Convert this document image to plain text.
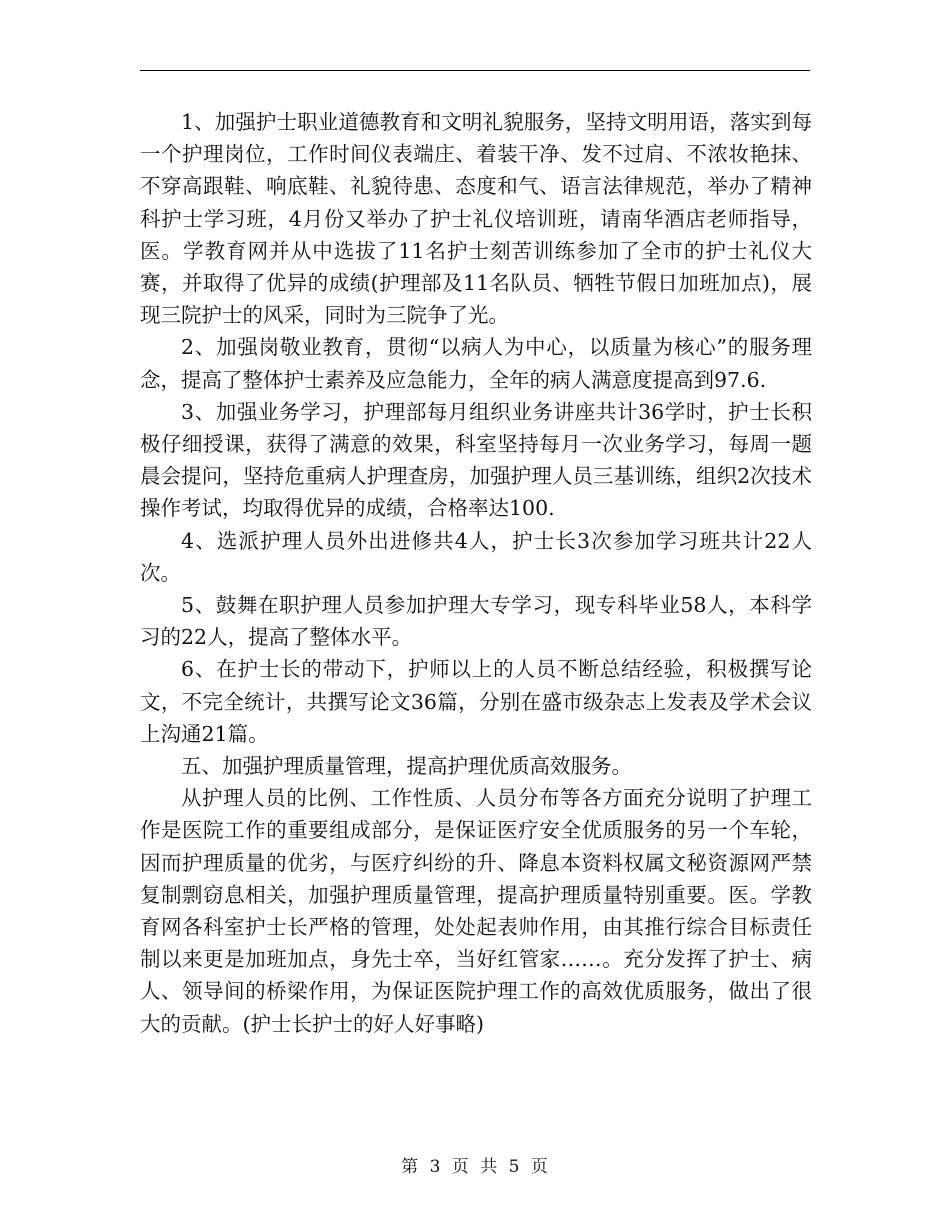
1、加强护士职业道德教育和文明礼貌服务，坚持文明用语，落实到每一个护理岗位，工作时间仪表端庄、着装干净、发不过肩、不浓妆艳抹、不穿高跟鞋、响底鞋、礼貌待患、态度和气、语言法律规范，举办了精神科护士学习班，4月份又举办了护士礼仪培训班，请南华酒店老师指导，医。学教育网并从中选拔了11名护士刻苦训练参加了全市的护士礼仪大赛，并取得了优异的成绩(护理部及11名队员、牺牲节假日加班加点)，展现三院护士的风采，同时为三院争了光。

2、加强岗敬业教育，贯彻“以病人为中心，以质量为核心”的服务理念，提高了整体护士素养及应急能力，全年的病人满意度提高到97.6.

3、加强业务学习，护理部每月组织业务讲座共计36学时，护士长积极仔细授课，获得了满意的效果，科室坚持每月一次业务学习，每周一题晨会提问，坚持危重病人护理查房，加强护理人员三基训练，组织2次技术操作考试，均取得优异的成绩，合格率达100.

4、选派护理人员外出进修共4人，护士长3次参加学习班共计22人次。

5、鼓舞在职护理人员参加护理大专学习，现专科毕业58人，本科学习的22人，提高了整体水平。

6、在护士长的带动下，护师以上的人员不断总结经验，积极撰写论文，不完全统计，共撰写论文36篇，分别在盛市级杂志上发表及学术会议上沟通21篇。

五、加强护理质量管理，提高护理优质高效服务。

从护理人员的比例、工作性质、人员分布等各方面充分说明了护理工作是医院工作的重要组成部分，是保证医疗安全优质服务的另一个车轮，因而护理质量的优劣，与医疗纠纷的升、降息本资料权属文秘资源网严禁复制剽窃息相关，加强护理质量管理，提高护理质量特别重要。医。学教育网各科室护士长严格的管理，处处起表帅作用，由其推行综合目标责任制以来更是加班加点，身先士卒，当好红管家……。充分发挥了护士、病人、领导间的桥梁作用，为保证医院护理工作的高效优质服务，做出了很大的贡献。(护士长护士的好人好事略)

第 3 页 共 5 页
